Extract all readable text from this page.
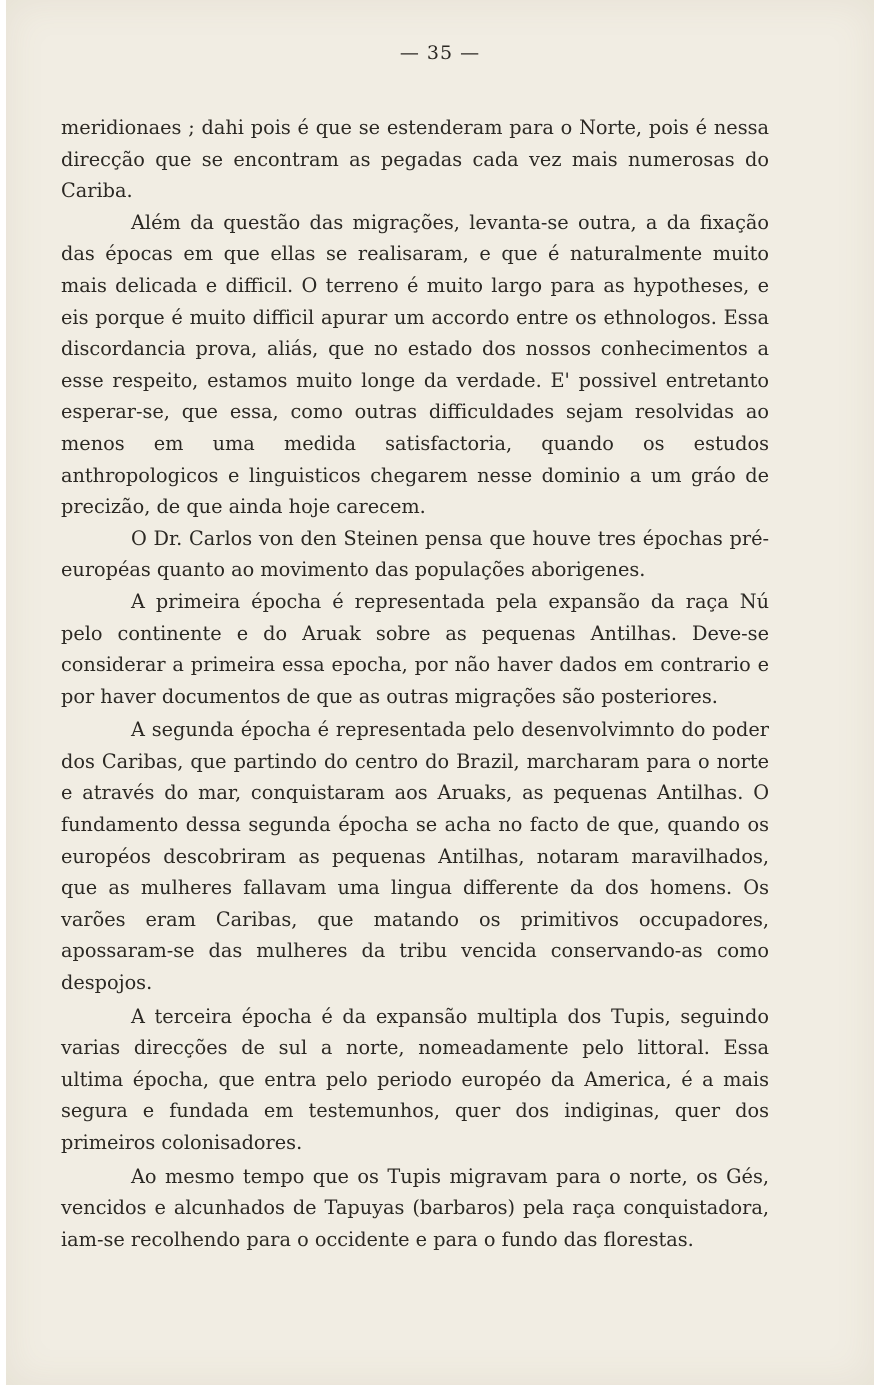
— 35 —

meridionaes ; dahi pois é que se estenderam para o Norte, pois é nessa direcção que se encontram as pegadas cada vez mais numerosas do Cariba.

Além da questão das migrações, levanta-se outra, a da fixação das épocas em que ellas se realisaram, e que é naturalmente muito mais delicada e difficil. O terreno é muito largo para as hypotheses, e eis porque é muito difficil apurar um accordo entre os ethnologos. Essa discordancia prova, aliás, que no estado dos nossos conhecimentos a esse respeito, estamos muito longe da verdade. E' possivel entretanto esperar-se, que essa, como outras difficuldades sejam resolvidas ao menos em uma medida satisfactoria, quando os estudos anthropologicos e linguisticos chegarem nesse dominio a um gráo de precizão, de que ainda hoje carecem.

O Dr. Carlos von den Steinen pensa que houve tres épochas pré-européas quanto ao movimento das populações aborigenes.

A primeira épocha é representada pela expansão da raça Nú pelo continente e do Aruak sobre as pequenas Antilhas. Deve-se considerar a primeira essa epocha, por não haver dados em contrario e por haver documentos de que as outras migrações são posteriores.

A segunda épocha é representada pelo desenvolvimnto do poder dos Caribas, que partindo do centro do Brazil, marcharam para o norte e através do mar, conquistaram aos Aruaks, as pequenas Antilhas. O fundamento dessa segunda épocha se acha no facto de que, quando os européos descobriram as pequenas Antilhas, notaram maravilhados, que as mulheres fallavam uma lingua differente da dos homens. Os varões eram Caribas, que matando os primitivos occupadores, apossaram-se das mulheres da tribu vencida conservando-as como despojos.

A terceira épocha é da expansão multipla dos Tupis, seguindo varias direcções de sul a norte, nomeadamente pelo littoral. Essa ultima épocha, que entra pelo periodo européo da America, é a mais segura e fundada em testemunhos, quer dos indiginas, quer dos primeiros colonisadores.

Ao mesmo tempo que os Tupis migravam para o norte, os Gés, vencidos e alcunhados de Tapuyas (barbaros) pela raça conquistadora, iam-se recolhendo para o occidente e para o fundo das florestas.
